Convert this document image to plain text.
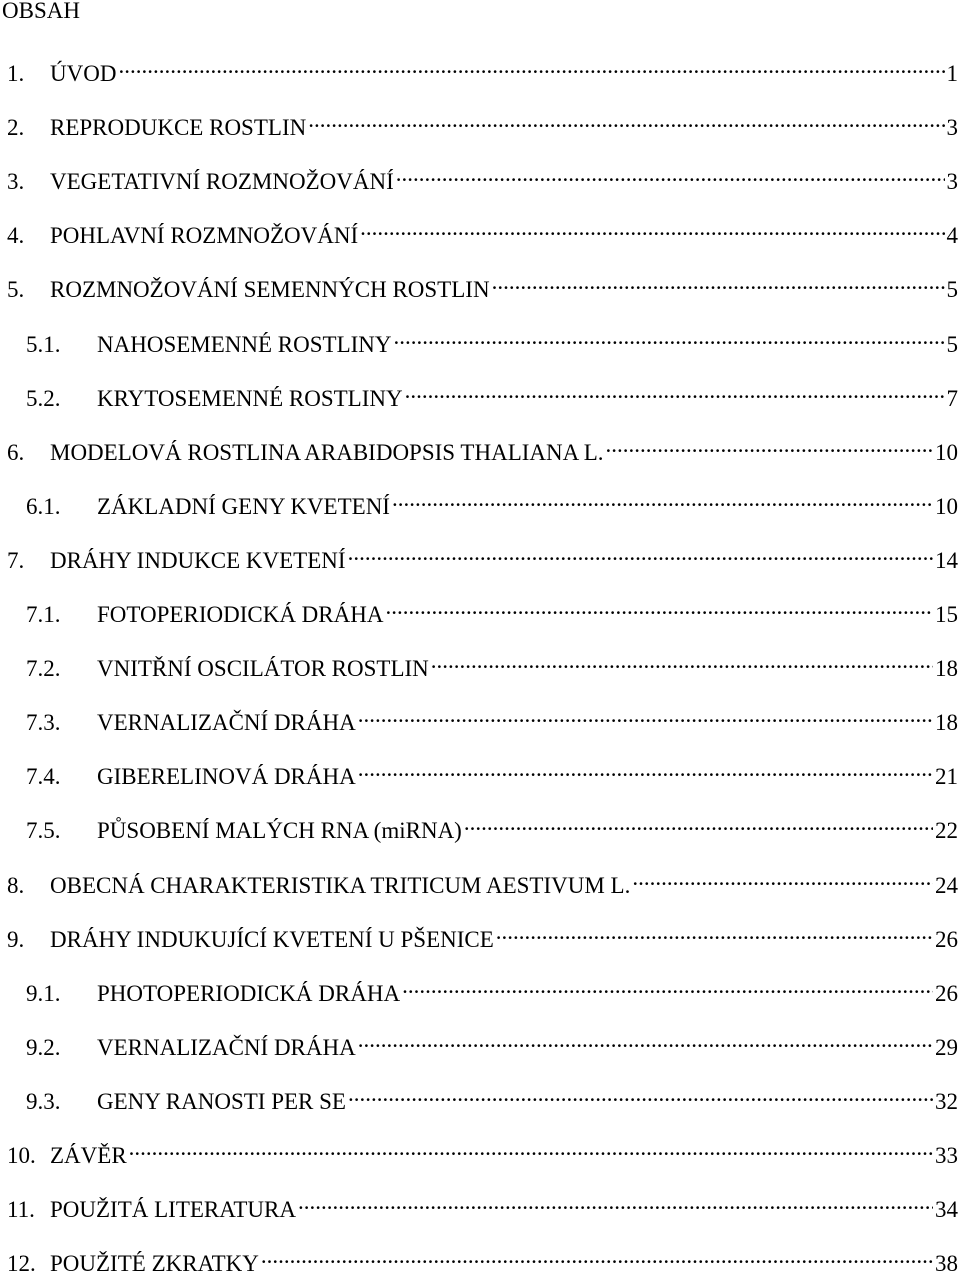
OBSAH
1.	ÚVOD .....	1
2.	REPRODUKCE ROSTLIN .....	3
3.	VEGETATIVNÍ ROZMNOŽOVÁNÍ .....	3
4.	POHLAVNÍ ROZMNOŽOVÁNÍ .....	4
5.	ROZMNOŽOVÁNÍ SEMENNÝCH ROSTLIN .....	5
5.1.	NAHOSEMENNÉ ROSTLINY .....	5
5.2.	KRYTOSEMENNÉ ROSTLINY .....	7
6.	MODELOVÁ ROSTLINA ARABIDOPSIS THALIANA L. .....	10
6.1.	ZÁKLADNÍ GENY KVETENÍ .....	10
7.	DRÁHY INDUKCE KVETENÍ .....	14
7.1.	FOTOPERIODICKÁ DRÁHA .....	15
7.2.	VNITŘNÍ OSCILÁTOR ROSTLIN .....	18
7.3.	VERNALIZAČNÍ DRÁHA .....	18
7.4.	GIBERELINOVÁ DRÁHA .....	21
7.5.	PŮSOBENÍ MALÝCH RNA (miRNA) .....	22
8.	OBECNÁ CHARAKTERISTIKA TRITICUM AESTIVUM L. .....	24
9.	DRÁHY INDUKUJÍCÍ KVETENÍ U PŠENICE .....	26
9.1.	PHOTOPERIODICKÁ DRÁHA .....	26
9.2.	VERNALIZAČNÍ DRÁHA .....	29
9.3.	GENY RANOSTI PER SE .....	32
10. ZÁVĚR .....	33
11. POUŽITÁ LITERATURA .....	34
12. POUŽITÉ ZKRATKY .....	38
